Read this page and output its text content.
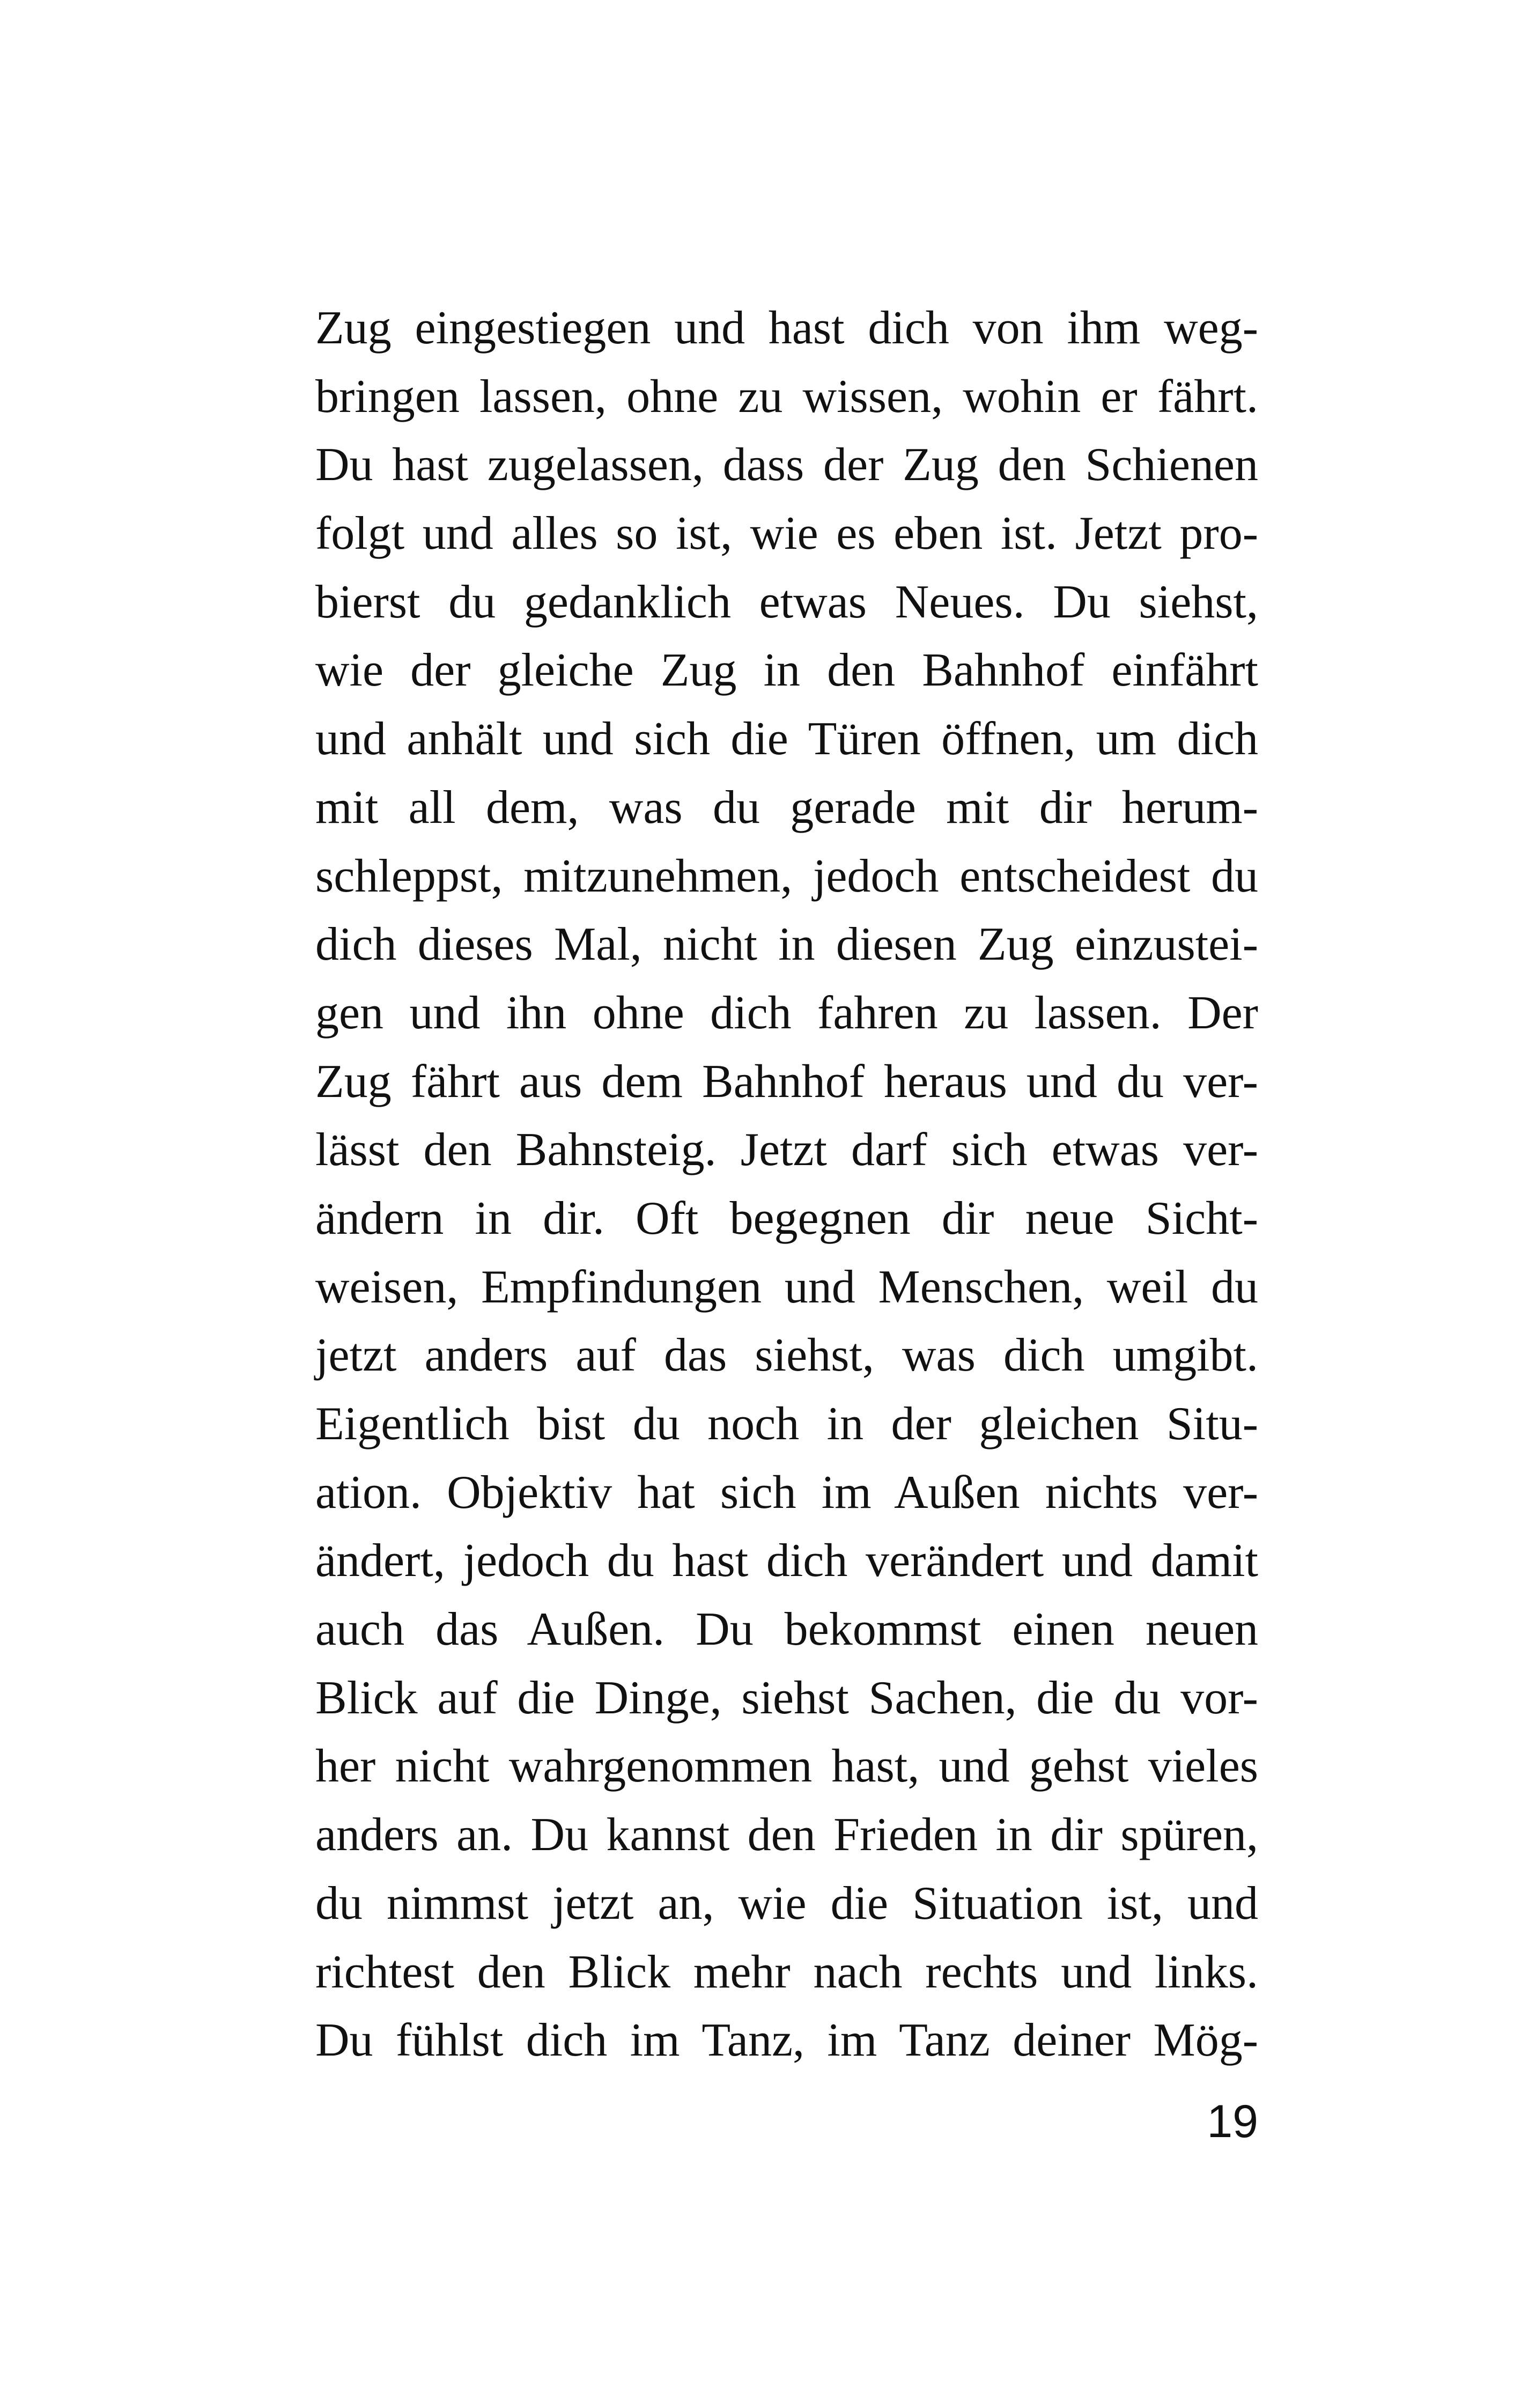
Zug eingestiegen und hast dich von ihm weg-
bringen lassen, ohne zu wissen, wohin er fährt.
Du hast zugelassen, dass der Zug den Schienen
folgt und alles so ist, wie es eben ist. Jetzt pro-
bierst du gedanklich etwas Neues. Du siehst,
wie der gleiche Zug in den Bahnhof einfährt
und anhält und sich die Türen öffnen, um dich
mit all dem, was du gerade mit dir herum-
schleppst, mitzunehmen, jedoch entscheidest du
dich dieses Mal, nicht in diesen Zug einzustei-
gen und ihn ohne dich fahren zu lassen. Der
Zug fährt aus dem Bahnhof heraus und du ver-
lässt den Bahnsteig. Jetzt darf sich etwas ver-
ändern in dir. Oft begegnen dir neue Sicht-
weisen, Empfindungen und Menschen, weil du
jetzt anders auf das siehst, was dich umgibt.
Eigentlich bist du noch in der gleichen Situ-
ation. Objektiv hat sich im Außen nichts ver-
ändert, jedoch du hast dich verändert und damit
auch das Außen. Du bekommst einen neuen
Blick auf die Dinge, siehst Sachen, die du vor-
her nicht wahrgenommen hast, und gehst vieles
anders an. Du kannst den Frieden in dir spüren,
du nimmst jetzt an, wie die Situation ist, und
richtest den Blick mehr nach rechts und links.
Du fühlst dich im Tanz, im Tanz deiner Mög-
19
